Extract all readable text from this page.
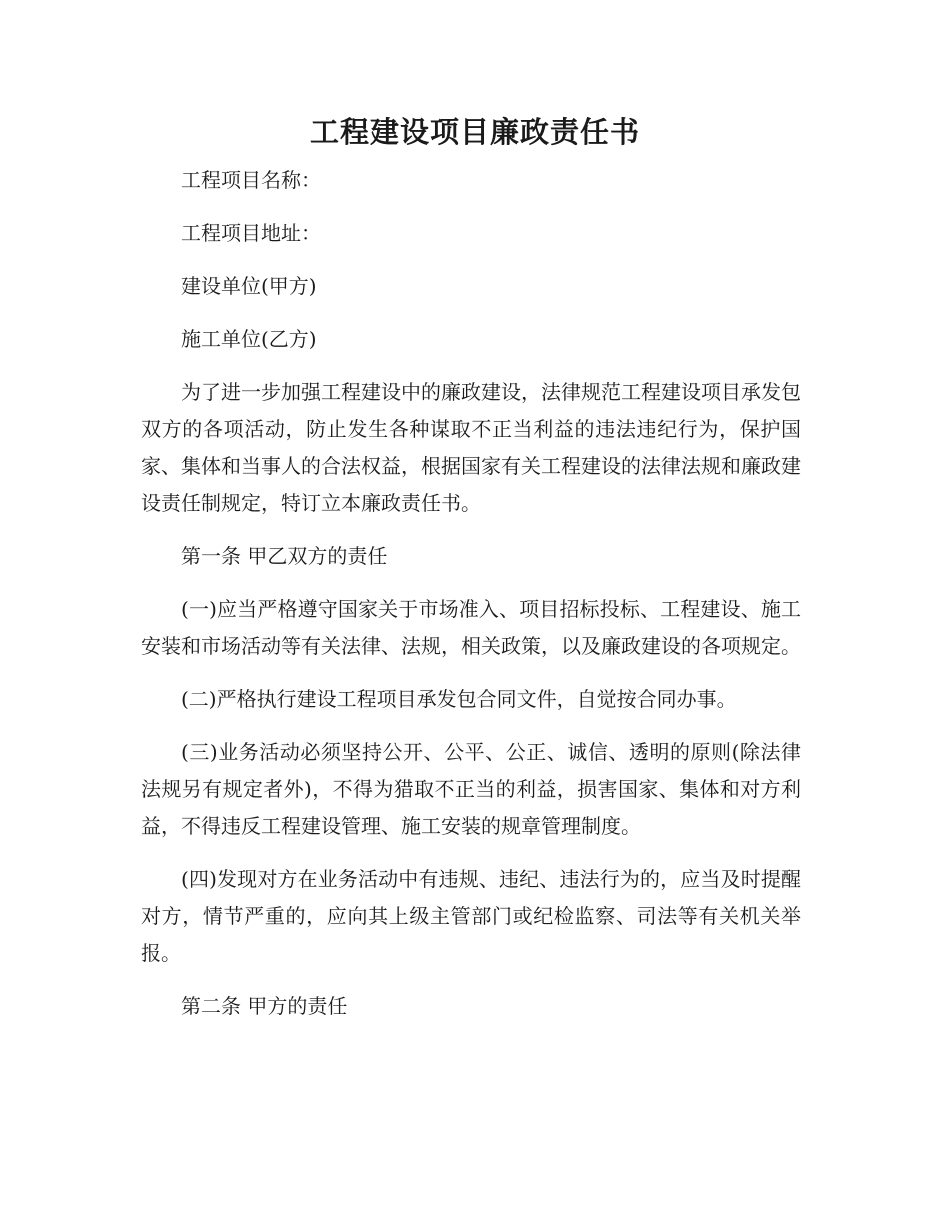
工程建设项目廉政责任书

工程项目名称：

工程项目地址：

建设单位(甲方)

施工单位(乙方)

为了进一步加强工程建设中的廉政建设，法律规范工程建设项目承发包双方的各项活动，防止发生各种谋取不正当利益的违法违纪行为，保护国家、集体和当事人的合法权益，根据国家有关工程建设的法律法规和廉政建设责任制规定，特订立本廉政责任书。

第一条 甲乙双方的责任

(一)应当严格遵守国家关于市场准入、项目招标投标、工程建设、施工安装和市场活动等有关法律、法规，相关政策，以及廉政建设的各项规定。

(二)严格执行建设工程项目承发包合同文件，自觉按合同办事。

(三)业务活动必须坚持公开、公平、公正、诚信、透明的原则(除法律法规另有规定者外)，不得为猎取不正当的利益，损害国家、集体和对方利益，不得违反工程建设管理、施工安装的规章管理制度。

(四)发现对方在业务活动中有违规、违纪、违法行为的，应当及时提醒对方，情节严重的，应向其上级主管部门或纪检监察、司法等有关机关举报。

第二条 甲方的责任
